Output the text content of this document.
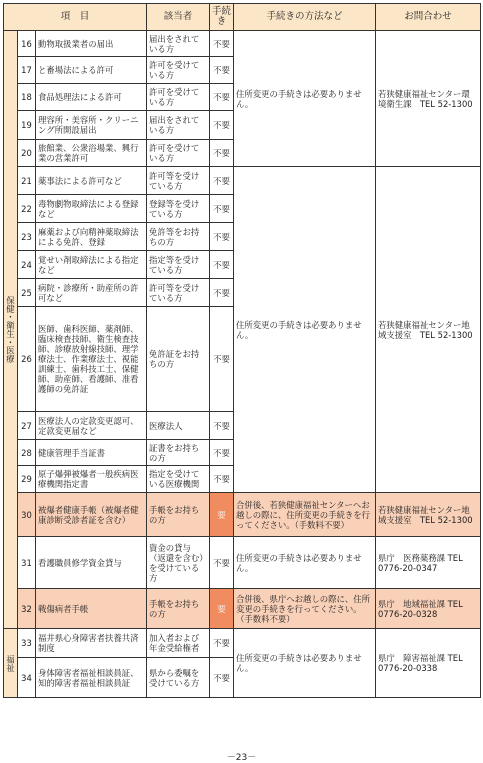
項　目			該当者	手続き	手続きの方法など	お問合わせ
保健・衛生・医療	16	動物取扱業者の届出	届出をされている方	不要	住所変更の手続きは必要ありません。	若狭健康福祉センター環境衛生課　TEL 52-1300
	17	と畜場法による許可	許可を受けている方	不要		
	18	食品処理法による許可	許可を受けている方	不要		
	19	理容所・美容所・クリーニング所開設届出	届出をされている方	不要		
	20	旅館業、公衆浴場業、興行業の営業許可	許可を受けている方	不要		
	21	薬事法による許可など	許可等を受けている方	不要	住所変更の手続きは必要ありません。	若狭健康福祉センター地域支援室　TEL 52-1300
	22	毒物劇物取締法による登録など	登録等を受けている方	不要		
	23	麻薬および向精神薬取締法による免許、登録	免許等をお持ちの方	不要		
	24	覚せい剤取締法による指定など	指定等を受けている方	不要		
	25	病院・診療所・助産所の許可など	許可等を受けている方	不要		
	26	医師、歯科医師、薬剤師、臨床検査技師、衛生検査技師、診療放射線技師、理学療法士、作業療法士、視能訓練士、歯科技工士、保健師、助産師、看護師、准看護師の免許証	免許証をお持ちの方	不要		
	27	医療法人の定款変更認可、定款変更届など	医療法人	不要		
	28	健康管理手当証書	証書をお持ちの方	不要		
	29	原子爆弾被爆者一般疾病医療機関指定書	指定を受けている医療機関	不要		
	30	被爆者健康手帳（被爆者健康診断受診者証を含む）	手帳をお持ちの方	要	合併後、若狭健康福祉センターへお越しの際に、住所変更の手続きを行ってください。（手数料不要）	若狭健康福祉センター地域支援室　TEL 52-1300
	31	看護職員修学資金貸与	資金の貸与（返還を含む）を受けている方	不要	住所変更の手続きは必要ありません。	県庁　医務薬務課 TEL 0776-20-0347
	32	戦傷病者手帳	手帳をお持ちの方	要	合併後、県庁へお越しの際に、住所変更の手続きを行ってください。（手数料不要）	県庁　地域福祉課 TEL 0776-20-0328
福祉	33	福井県心身障害者扶養共済制度	加入者および年金受給権者	不要	住所変更の手続きは必要ありません。	県庁　障害福祉課 TEL 0776-20-0338
	34	身体障害者福祉相談員証、知的障害者福祉相談員証	県から委嘱を受けている方	不要		
－23－
